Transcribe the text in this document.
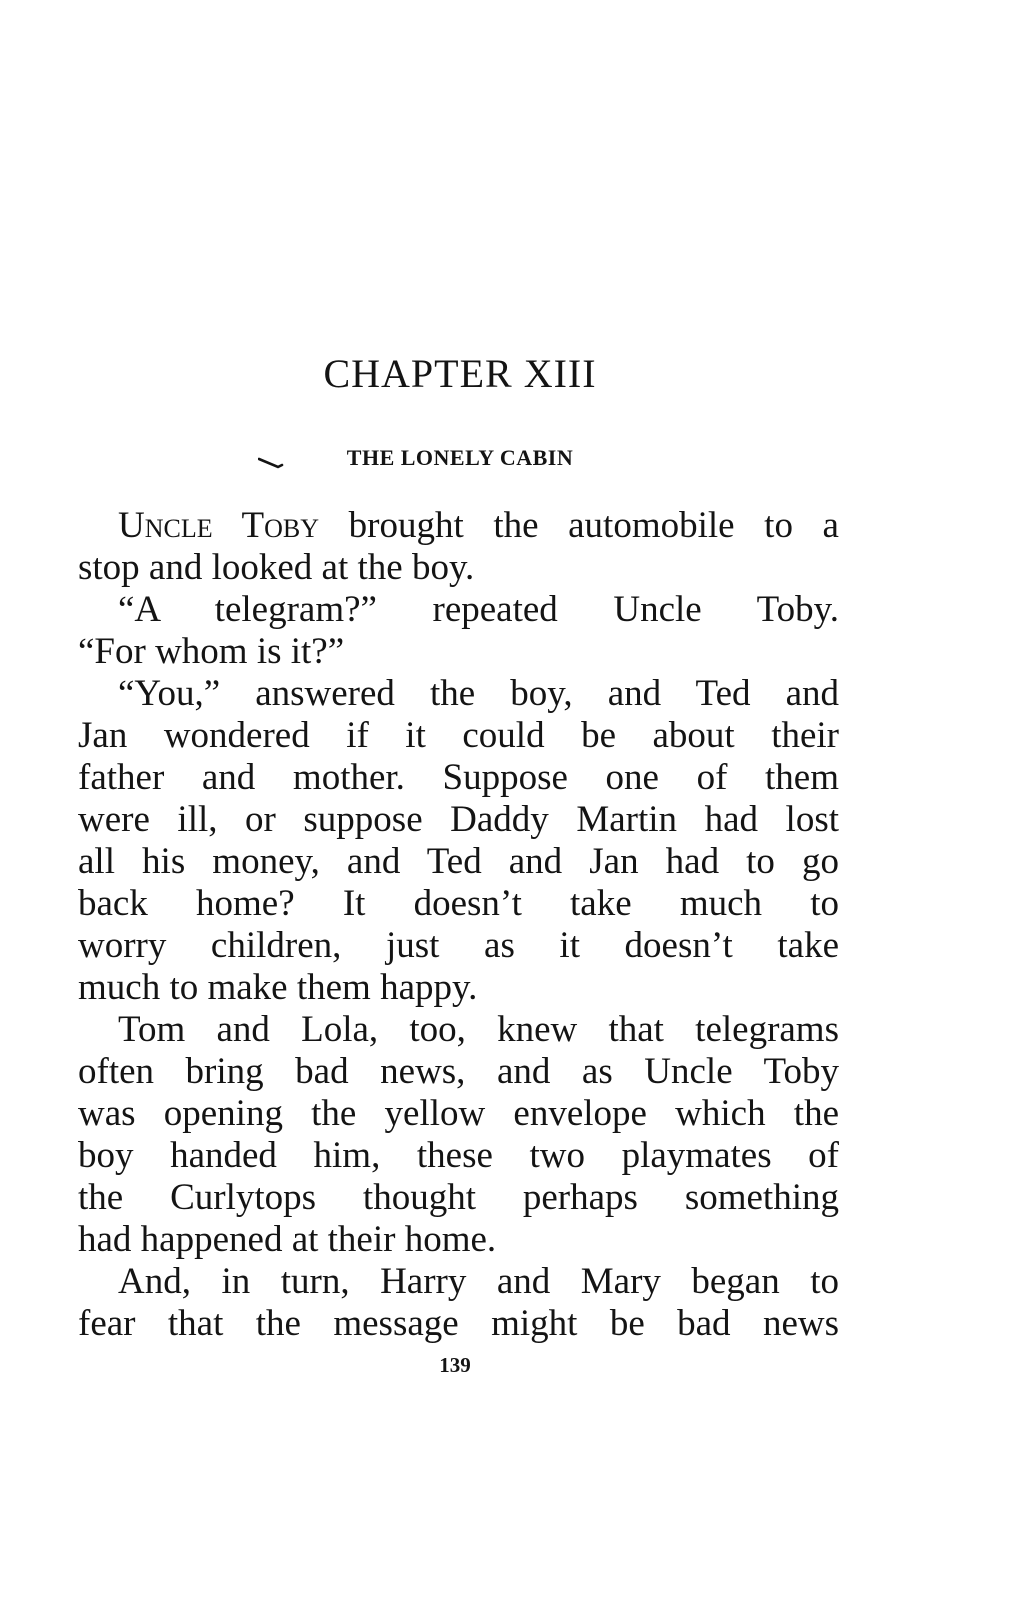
CHAPTER XIII
THE LONELY CABIN
Uncle Toby brought the automobile to a
stop and looked at the boy.
“A telegram?” repeated Uncle Toby.
“For whom is it?”
“You,” answered the boy, and Ted and
Jan wondered if it could be about their
father and mother. Suppose one of them
were ill, or suppose Daddy Martin had lost
all his money, and Ted and Jan had to go
back home? It doesn’t take much to
worry children, just as it doesn’t take
much to make them happy.
Tom and Lola, too, knew that telegrams
often bring bad news, and as Uncle Toby
was opening the yellow envelope which the
boy handed him, these two playmates of
the Curlytops thought perhaps something
had happened at their home.
And, in turn, Harry and Mary began to
fear that the message might be bad news

139
